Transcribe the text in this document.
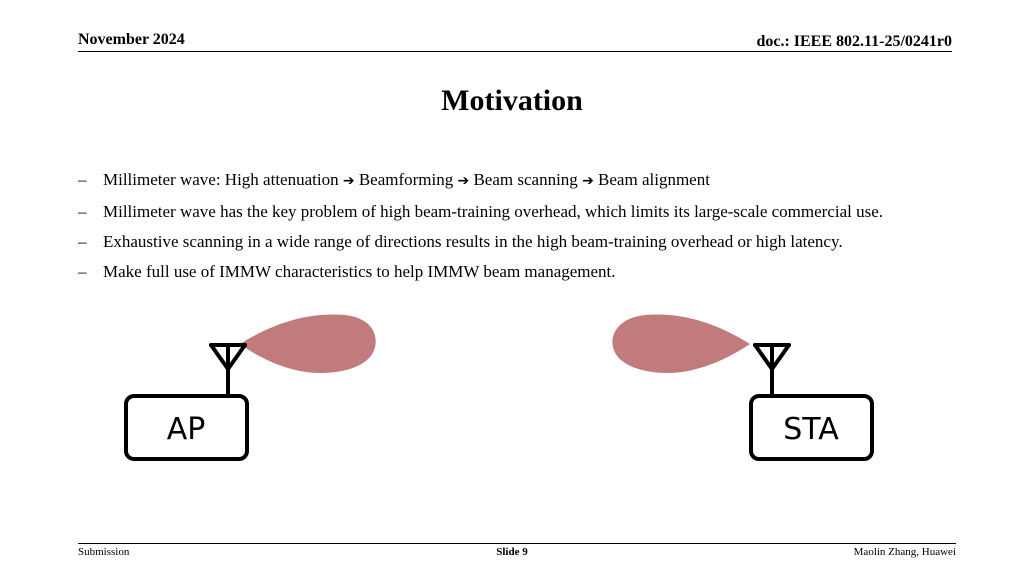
November 2024	doc.: IEEE 802.11-25/0241r0
Motivation
– Millimeter wave: High attenuation ➔ Beamforming ➔ Beam scanning ➔ Beam alignment
– Millimeter wave has the key problem of high beam-training overhead, which limits its large-scale commercial use.
– Exhaustive scanning in a wide range of directions results in the high beam-training overhead or high latency.
– Make full use of IMMW characteristics to help IMMW beam management.
AP	STA
Submission	Slide 9	Maolin Zhang, Huawei
